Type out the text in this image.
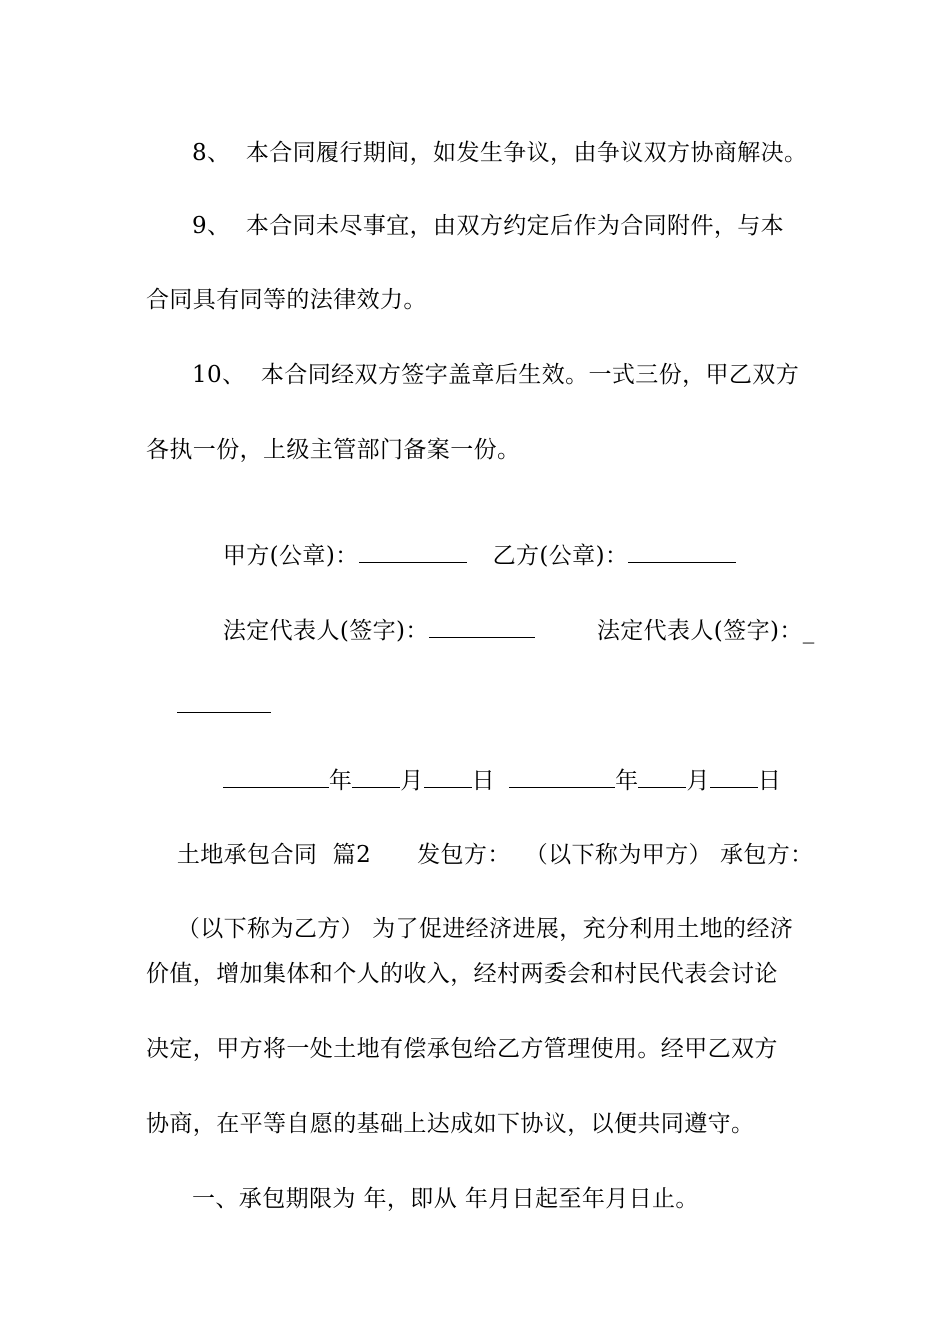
8、  本合同履行期间，如发生争议，由争议双方协商解决。
9、  本合同未尽事宜，由双方约定后作为合同附件，与本
合同具有同等的法律效力。
10、  本合同经双方签字盖章后生效。一式三份，甲乙双方
各执一份，上级主管部门备案一份。

甲方(公章)：	乙方(公章)：

法定代表人(签字)：	法定代表人(签字)：_

年 月 日	年 月 日

土地承包合同  篇2 发包方： （以下称为甲方） 承包方：

（以下称为乙方） 为了促进经济进展，充分利用土地的经济

价值，增加集体和个人的收入，经村两委会和村民代表会讨论
决定，甲方将一处土地有偿承包给乙方管理使用。经甲乙双方
协商，在平等自愿的基础上达成如下协议，以便共同遵守。
一、承包期限为 年，即从 年月日起至年月日止。
